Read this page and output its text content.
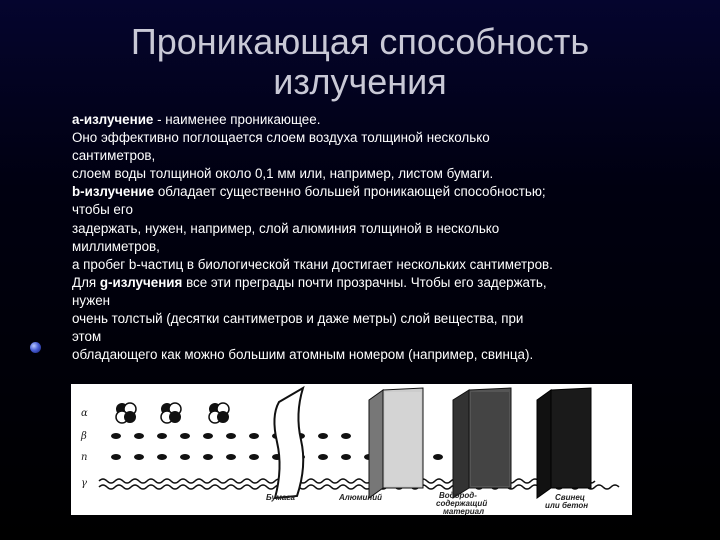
Проникающая способность
излучения
a-излучение - наименее проникающее.
Оно эффективно поглощается слоем воздуха толщиной несколько
сантиметров,
слоем воды толщиной около 0,1 мм или, например, листом бумаги.
b-излучение обладает существенно большей проникающей способностью;
чтобы его
задержать, нужен, например, слой алюминия толщиной в несколько
миллиметров,
а пробег b-частиц в биологической ткани достигает нескольких сантиметров.
Для g-излучения все эти преграды почти прозрачны. Чтобы его задержать,
нужен
очень толстый (десятки сантиметров и даже метры) слой вещества, при
этом
обладающего как можно большим атомным номером (например, свинца).
α
β
n
γ
Бумага	Алюминий	Водород-
содержащий
материал
Свинец
или бетон
